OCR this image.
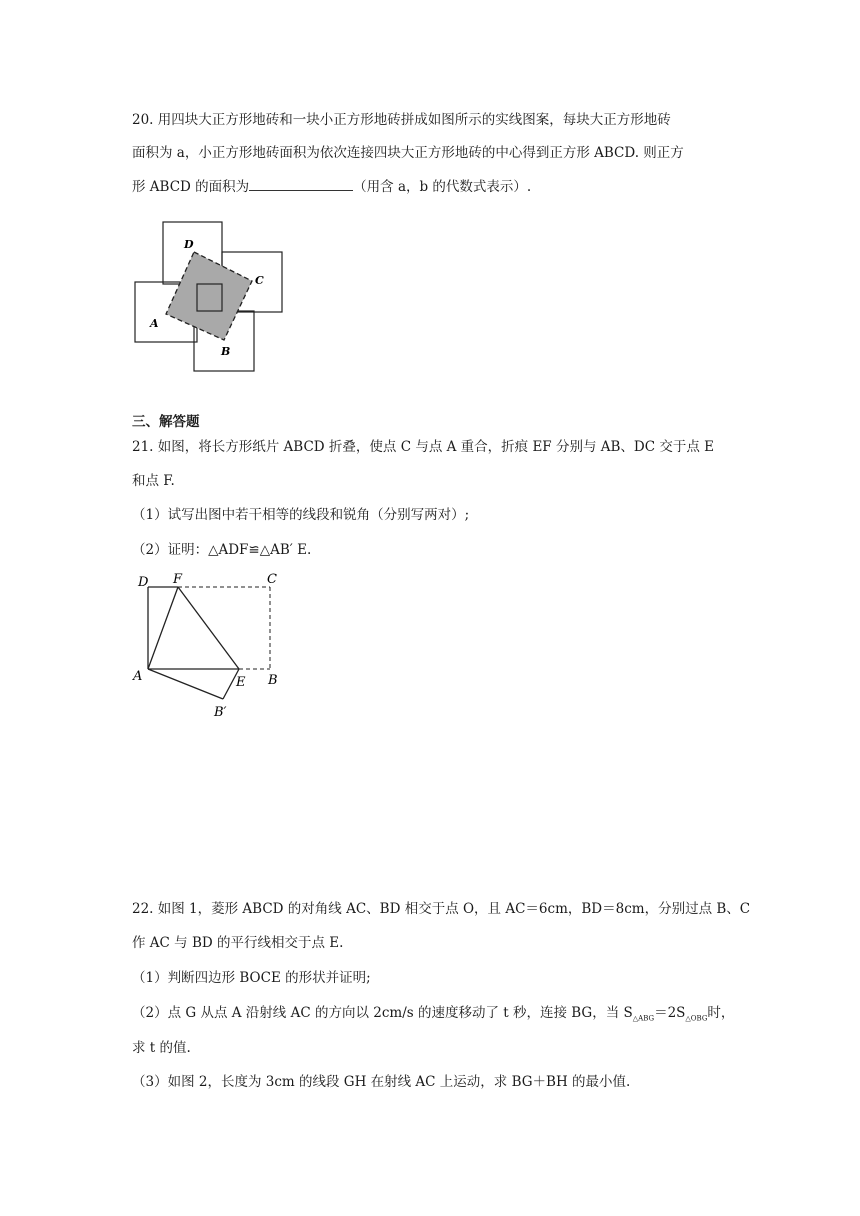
20. 用四块大正方形地砖和一块小正方形地砖拼成如图所示的实线图案，每块大正方形地砖
面积为 a，小正方形地砖面积为依次连接四块大正方形地砖的中心得到正方形 ABCD. 则正方
形 ABCD 的面积为	（用含 a，b 的代数式表示）.
D
C
A
B
三、解答题
21. 如图，将长方形纸片 ABCD 折叠，使点 C 与点 A 重合，折痕 EF 分别与 AB、DC 交于点 E
和点 F.
（1）试写出图中若干相等的线段和锐角（分别写两对）;
（2）证明：△ADF≌△AB′ E.
D F	C
A	E B
B′
22. 如图 1，菱形 ABCD 的对角线 AC、BD 相交于点 O，且 AC＝6cm，BD＝8cm，分别过点 B、C
作 AC 与 BD 的平行线相交于点 E.
（1）判断四边形 BOCE 的形状并证明;
（2）点 G 从点 A 沿射线 AC 的方向以 2cm/s 的速度移动了 t 秒，连接 BG，当 $S_{\triangle ABG}=2S_{\triangle OBG}$时，
求 t 的值.
（3）如图 2，长度为 3cm 的线段 GH 在射线 AC 上运动，求 BG＋BH 的最小值.
